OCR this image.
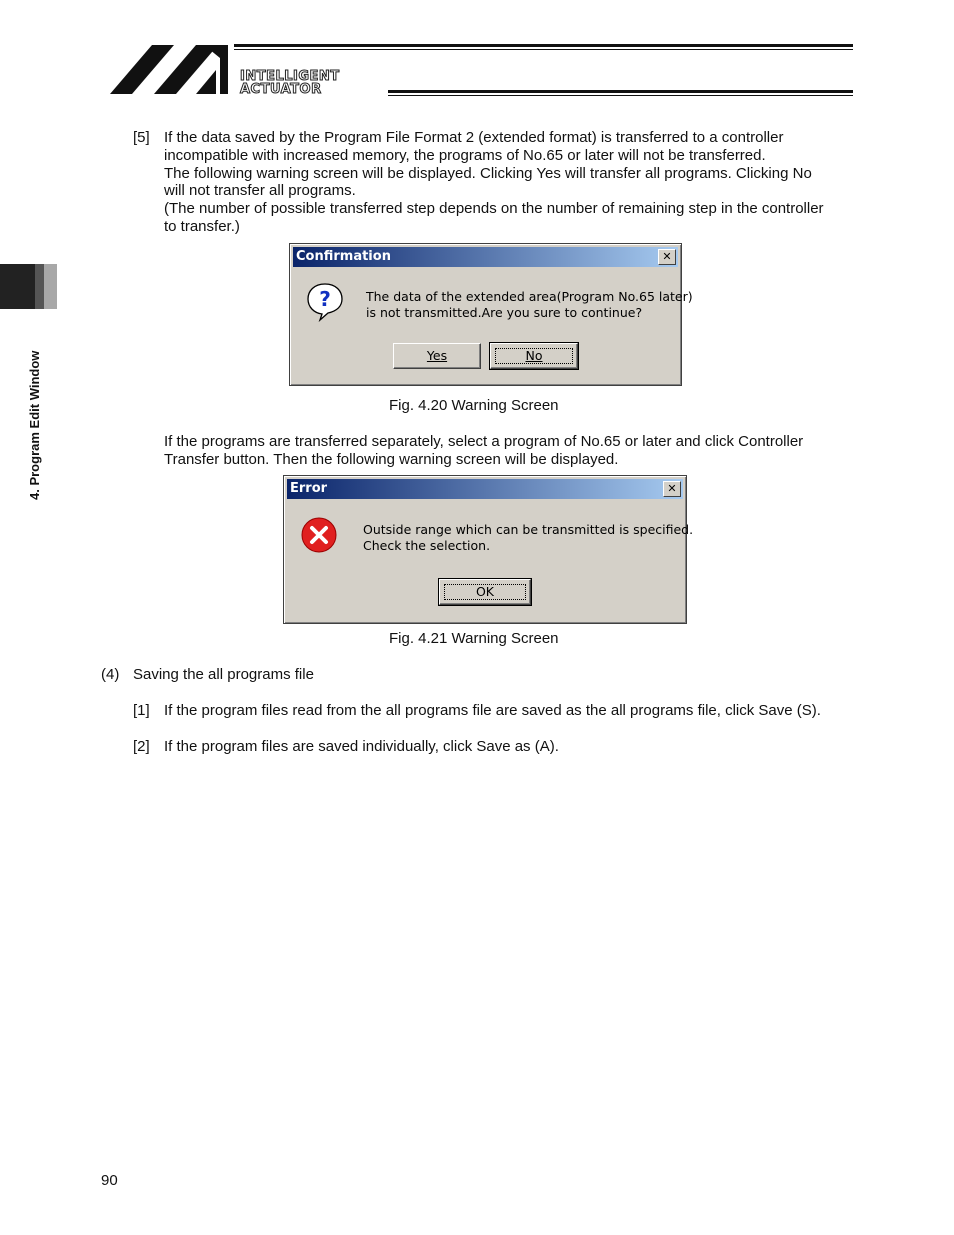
INTELLIGENT
ACTUATOR
4. Program Edit Window
[5] If the data saved by the Program File Format 2 (extended format) is transferred to a controller
incompatible with increased memory, the programs of No.65 or later will not be transferred.
The following warning screen will be displayed. Clicking Yes will transfer all programs. Clicking No
will not transfer all programs.
(The number of possible transferred step depends on the number of remaining step in the controller
to transfer.)
Confirmation	✕
?	The data of the extended area(Program No.65 later)
is not transmitted.Are you sure to continue?
Yes	No
Fig. 4.20 Warning Screen
If the programs are transferred separately, select a program of No.65 or later and click Controller
Transfer button. Then the following warning screen will be displayed.
Error	✕
Outside range which can be transmitted is specified.
Check the selection.
OK
Fig. 4.21 Warning Screen
(4) Saving the all programs file
[1] If the program files read from the all programs file are saved as the all programs file, click Save (S).
[2] If the program files are saved individually, click Save as (A).
90
